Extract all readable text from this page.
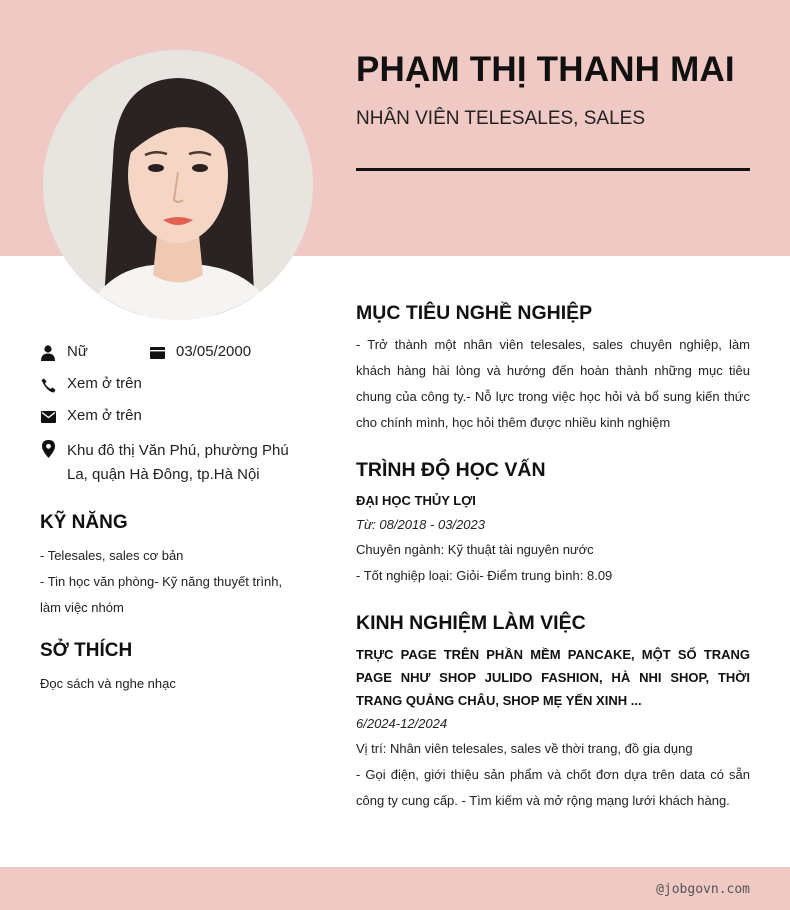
PHẠM THỊ THANH MAI
NHÂN VIÊN TELESALES, SALES
Nữ	03/05/2000
Xem ở trên
Xem ở trên
Khu đô thị Văn Phú, phường Phú La, quận Hà Đông, tp.Hà Nội
KỸ NĂNG
- Telesales, sales cơ bản
- Tin học văn phòng- Kỹ năng thuyết trình, làm việc nhóm
SỞ THÍCH
Đọc sách và nghe nhạc
MỤC TIÊU NGHỀ NGHIỆP
- Trở thành một nhân viên telesales, sales chuyên nghiệp, làm khách hàng hài lòng và hướng đến hoàn thành những mục tiêu chung của công ty.- Nỗ lực trong việc học hỏi và bổ sung kiến thức cho chính mình, học hỏi thêm được nhiều kinh nghiệm
TRÌNH ĐỘ HỌC VẤN
ĐẠI HỌC THỦY LỢI
Từ: 08/2018 - 03/2023
Chuyên ngành: Kỹ thuật tài nguyên nước
- Tốt nghiệp loại: Giỏi- Điểm trung bình: 8.09
KINH NGHIỆM LÀM VIỆC
TRỰC PAGE TRÊN PHẦN MỀM PANCAKE, MỘT SỐ TRANG PAGE NHƯ SHOP JULIDO FASHION, HÀ NHI SHOP, THỜI TRANG QUẢNG CHÂU, SHOP MẸ YẾN XINH ...
6/2024-12/2024
Vị trí: Nhân viên telesales, sales về thời trang, đồ gia dụng
- Gọi điện, giới thiệu sản phẩm và chốt đơn dựa trên data có sẵn công ty cung cấp. - Tìm kiếm và mở rộng mạng lưới khách hàng.
@jobgovn.com
